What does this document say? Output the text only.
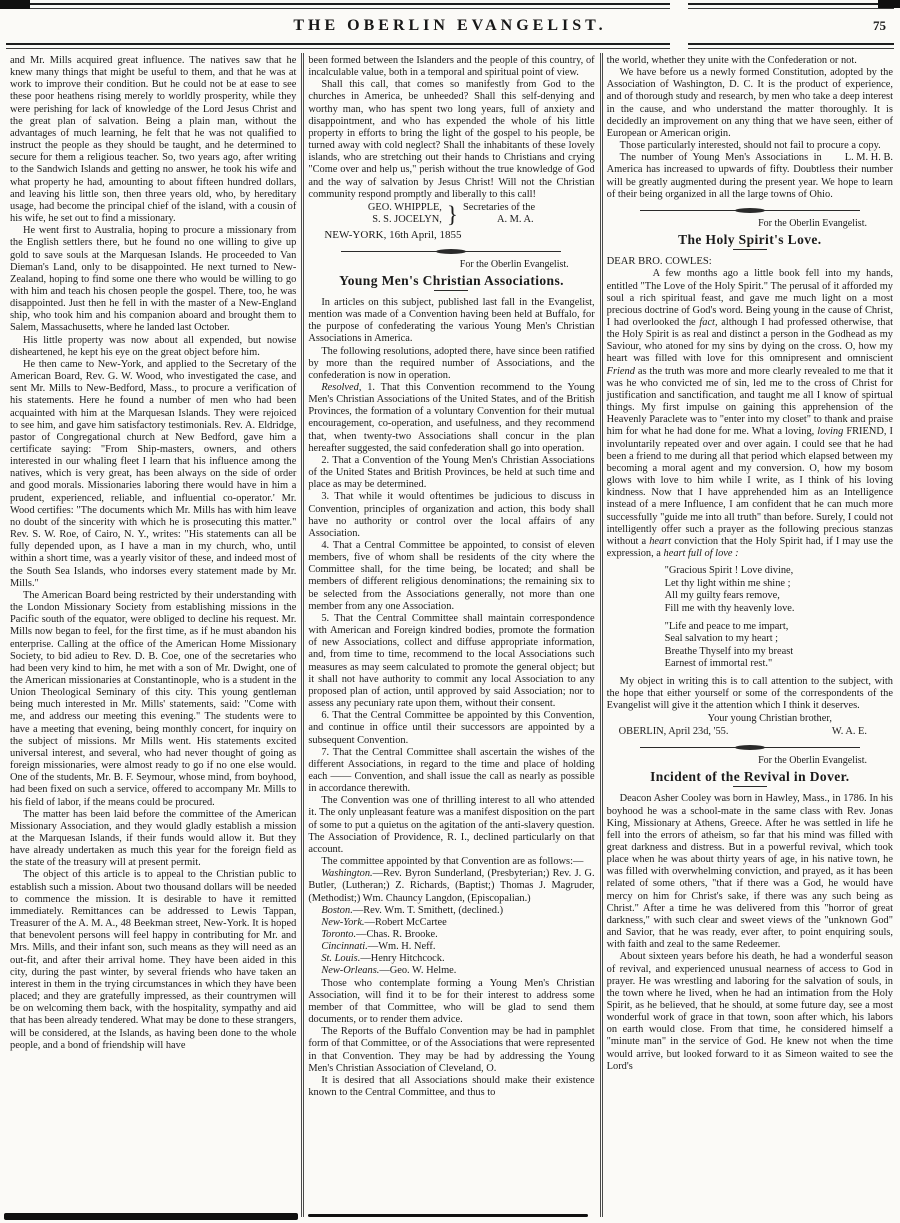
THE OBERLIN EVANGELIST.	75

and Mr. Mills acquired great influence. The natives saw that he knew many things that might be useful to them, and that he was at work to improve their condition. But he could not be at ease to see these poor heathens rising merely to worldly prosperity, while they were perishing for lack of knowledge of the Lord Jesus Christ and the great plan of salvation. Being a plain man, without the advantages of much learning, he felt that he was not qualified to instruct the people as they should be taught, and he determined to secure for them a religious teacher. So, two years ago, after writing to the Sandwich Islands and getting no answer, he took his wife and what property he had, amounting to about fifteen hundred dollars, and leaving his little son, then three years old, who, by hereditary usage, had become the principal chief of the island, with a cousin of his wife, he set out to find a missionary.

He went first to Australia, hoping to procure a missionary from the English settlers there, but he found no one willing to give up gold to save souls at the Marquesan Islands. He proceeded to Van Dieman's Land, only to be disappointed. He next turned to New-Zealand, hoping to find some one there who would be willing to go with him and teach his chosen people the gospel. There, too, he was disappointed. Just then he fell in with the master of a New-England ship, who took him and his companion aboard and brought them to Salem, Massachusetts, where he landed last October.

His little property was now about all expended, but nowise disheartened, he kept his eye on the great object before him.

He then came to New-York, and applied to the Secretary of the American Board, Rev. G. W. Wood, who investigated the case, and sent Mr. Mills to New-Bedford, Mass., to procure a verification of his statements. Here he found a number of men who had been acquainted with him at the Marquesan Islands. They were rejoiced to see him, and gave him satisfactory testimonials. Rev. A. Eldridge, pastor of Congregational church at New Bedford, gave him a certificate saying: "From Ship-masters, owners, and others interested in our whaling fleet I learn that his influence among the natives, which is very great, has been always on the side of order and good morals. Missionaries laboring there would have in him a prudent, experienced, reliable, and influential co-operator.' Mr. Wood certifies: "The documents which Mr. Mills has with him leave no doubt of the sincerity with which he is prosecuting this matter." Rev. S. W. Roe, of Cairo, N. Y., writes: "His statements can all be fully depended upon, as I have a man in my church, who, until within a short time, was a yearly visitor of these, and indeed most of the South Sea Islands, who indorses every statement made by Mr. Mills."

The American Board being restricted by their understanding with the London Missionary Society from establishing missions in the Pacific south of the equator, were obliged to decline his request. Mr. Mills now began to feel, for the first time, as if he must abandon his enterprise. Calling at the office of the American Home Missionary Society, to bid adieu to Rev. D. B. Coe, one of the secretaries who had been very kind to him, he met with a son of Mr. Dwight, one of the American missionaries at Constantinople, who is a student in the Union Theological Seminary of this city. This young gentleman being much interested in Mr. Mills' statements, said: "Come with me, and address our meeting this evening." The students were to have a meeting that evening, being monthly concert, for inquiry on the subject of missions. Mr Mills went. His statements excited universal interest, and several, who had never thought of going as foreign missionaries, were almost ready to go if no one else would. One of the students, Mr. B. F. Seymour, whose mind, from boyhood, had been fixed on such a service, offered to accompany Mr. Mills to his field of labor, if the means could be procured.

The matter has been laid before the committee of the American Missionary Association, and they would gladly establish a mission at the Marquesan Islands, if their funds would allow it. But they have already undertaken as much this year for the foreign field as the state of the treasury will at present permit.

The object of this article is to appeal to the Christian public to establish such a mission. About two thousand dollars will be needed to commence the mission. It is desirable to have it remitted immediately. Remittances can be addressed to Lewis Tappan, Treasurer of the A. M. A., 48 Beekman street, New-York. It is hoped that benevolent persons will feel happy in contributing for Mr. and Mrs. Mills, and their infant son, such means as they will need as an out-fit, and after their arrival home. They have been aided in this city, during the past winter, by several friends who have taken an interest in them in the trying circumstances in which they have been placed; and they are gratefully impressed, as their countrymen will be on welcoming them back, with the hospitality, sympathy and aid that has been already tendered. What may be done to these strangers, will be considered, at the Islands, as having been done to the whole people, and a bond of friendship will have

been formed between the Islanders and the people of this country, of incalculable value, both in a temporal and spiritual point of view.

Shall this call, that comes so manifestly from God to the churches in America, be unheeded? Shall this self-denying and worthy man, who has spent two long years, full of anxiety and disappointment, and who has expended the whole of his little property in efforts to bring the light of the gospel to his people, be turned away with cold neglect? Shall the inhabitants of these lovely islands, who are stretching out their hands to Christians and crying "Come over and help us," perish without the true knowledge of God and the way of salvation by Jesus Christ! Will not the Christian community respond promptly and liberally to this call!

GEO. WHIPPLE,
S. S. JOCELYN, } Secretaries of the
A. M. A.

NEW-YORK, 16th April, 1855

For the Oberlin Evangelist.
Young Men's Christian Associations.

In articles on this subject, published last fall in the Evangelist, mention was made of a Convention having been held at Buffalo, for the purpose of confederating the various Young Men's Christian Associations in America.

The following resolutions, adopted there, have since been ratified by more than the required number of Associations, and the confederation is now in operation.

Resolved, 1. That this Convention recommend to the Young Men's Christian Associations of the United States, and of the British Provinces, the formation of a voluntary Convention for their mutual encouragement, co-operation, and usefulness, and they recommend that, when twenty-two Associations shall concur in the plan hereafter suggested, the said confederation shall go into operation.

2. That a Convention of the Young Men's Christian Associations of the United States and British Provinces, be held at such time and place as may be determined.

3. That while it would oftentimes be judicious to discuss in Convention, principles of organization and action, this body shall have no authority or control over the local affairs of any Association.

4. That a Central Committee be appointed, to consist of eleven members, five of whom shall be residents of the city where the Committee shall, for the time being, be located; and shall be members of different religious denominations; the remaining six to be selected from the Associations generally, not more than one member from any one Association.

5. That the Central Committee shall maintain correspondence with American and Foreign kindred bodies, promote the formation of new Associations, collect and diffuse appropriate information, and, from time to time, recommend to the local Associations such measures as may seem calculated to promote the general object; but it shall not have authority to commit any local Association to any proposed plan of action, until approved by said Association; nor to assess any pecuniary rate upon them, without their consent.

6. That the Central Committee be appointed by this Convention, and continue in office until their successors are appointed by a subsequent Convention.

7. That the Central Committee shall ascertain the wishes of the different Associations, in regard to the time and place of holding each —— Convention, and shall issue the call as nearly as possible in accordance therewith.

The Convention was one of thrilling interest to all who attended it. The only unpleasant feature was a manifest disposition on the part of some to put a quietus on the agitation of the anti-slavery question. The Association of Providence, R. I., declined particularly on that account.

The committee appointed by that Convention are as follows:—

Washington.—Rev. Byron Sunderland, (Presbyterian;) Rev. J. G. Butler, (Lutheran;) Z. Richards, (Baptist;) Thomas J. Magruder, (Methodist;) Wm. Chauncy Langdon, (Episcopalian.)

Boston.—Rev. Wm. T. Smithett, (declined.)

New-York.—Robert McCartee

Toronto.—Chas. R. Brooke.

Cincinnati.—Wm. H. Neff.

St. Louis.—Henry Hitchcock.

New-Orleans.—Geo. W. Helme.

Those who contemplate forming a Young Men's Christian Association, will find it to be for their interest to address some member of that Committee, who will be glad to send them documents, or to render them advice.

The Reports of the Buffalo Convention may be had in pamphlet form of that Committee, or of the Associations that were represented in that Convention. They may be had by addressing the Young Men's Christian Association of Cleveland, O.

It is desired that all Associations should make their existence known to the Central Committee, and thus to

the world, whether they unite with the Confederation or not.

We have before us a newly formed Constitution, adopted by the Association of Washington, D. C. It is the product of experience, and of thorough study and research, by men who take a deep interest in the cause, and who understand the matter thoroughly. It is decidedly an improvement on any thing that we have seen, either of European or American origin.

Those particularly interested, should not fail to procure a copy.

L. M. H. B.
The number of Young Men's Associations in America has increased to upwards of fifty. Doubtless their number will be greatly augmented during the present year. We hope to learn of their being organized in all the large towns of Ohio.

For the Oberlin Evangelist.
The Holy Spirit's Love.

DEAR BRO. COWLES:

A few months ago a little book fell into my hands, entitled "The Love of the Holy Spirit." The perusal of it afforded my soul a rich spiritual feast, and gave me much light on a most precious doctrine of God's word. Being young in the cause of Christ, I had overlooked the fact, although I had professed otherwise, that the Holy Spirit is as real and distinct a person in the Godhead as my Saviour, who atoned for my sins by dying on the cross. O, how my heart was filled with love for this omnipresent and omniscient Friend as the truth was more and more clearly revealed to me that it was he who convicted me of sin, led me to the cross of Christ for justification and sanctification, and taught me all I know of spirtual things. My first impulse on gaining this apprehension of the Heavenly Paraclete was to "enter into my closet" to thank and praise him for what he had done for me. What a loving, loving FRIEND, I involuntarily repeated over and over again. I could see that he had been a friend to me during all that period which elapsed between my becoming a moral agent and my conversion. O, how my bosom glows with love to him while I write, as I think of his loving kindness. Now that I have apprehended him as an Intelligence instead of a mere Influence, I am confident that he can much more successfully "guide me into all truth" than before. Surely, I could not intelligently offer such a prayer as the following precious stanzas without a heart conviction that the Holy Spirit had, if I may use the expression, a heart full of love :

"Gracious Spirit ! Love divine,
Let thy light within me shine ;
All my guilty fears remove,
Fill me with thy heavenly love.
"Life and peace to me impart,
Seal salvation to my heart ;
Breathe Thyself into my breast
Earnest of immortal rest."

My object in writing this is to call attention to the subject, with the hope that either yourself or some of the correspondents of the Evangelist will give it the attention which I think it deserves.

Your young Christian brother,

OBERLIN, April 23d, '55.	W. A. E.

For the Oberlin Evangelist.
Incident of the Revival in Dover.

Deacon Asher Cooley was born in Hawley, Mass., in 1786. In his boyhood he was a school-mate in the same class with Rev. Jonas King, Missionary at Athens, Greece. After he was settled in life he fell into the errors of atheism, so far that his mind was filled with great darkness and distress. But in a powerful revival, which took place when he was about thirty years of age, in his native town, he was filled with overwhelming conviction, and prayed, as it has been related of some others, "that if there was a God, he would have mercy on him for Christ's sake, if there was any such being as Christ." After a time he was delivered from this "horror of great darkness," with such clear and sweet views of the "unknown God" and Savior, that he was ready, ever after, to point enquiring souls, with faith and zeal to the same Redeemer.

About sixteen years before his death, he had a wonderful season of revival, and experienced unusual nearness of access to God in prayer. He was wrestling and laboring for the salvation of souls, in the town where he lived, when he had an intimation from the Holy Spirit, as he believed, that he should, at some future day, see a most wonderful work of grace in that town, soon after which, his labors on earth would close. From that time, he considered himself a "minute man" in the service of God. He knew not when the time would arrive, but looked forward to it as Simeon waited to see the Lord's
